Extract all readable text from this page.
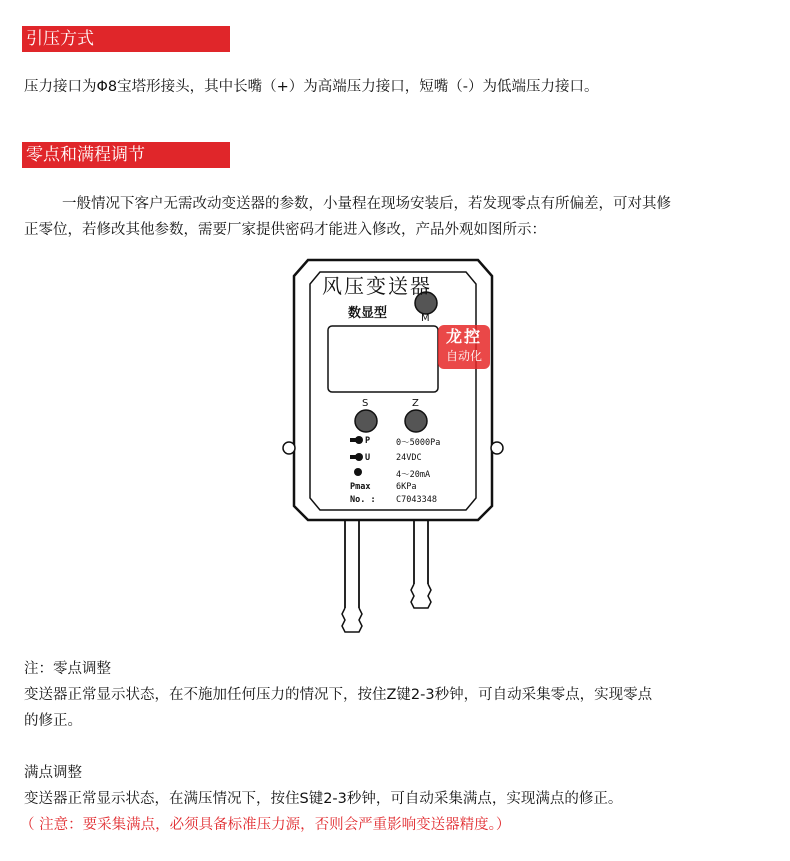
引压方式
压力接口为Φ8宝塔形接头，其中长嘴（+）为高端压力接口，短嘴（-）为低端压力接口。
零点和满程调节
一般情况下客户无需改动变送器的参数，小量程在现场安装后，若发现零点有所偏差，可对其修
正零位，若修改其他参数，需要厂家提供密码才能进入修改，产品外观如图所示：
风压变送器
数显型	M
S	Z
P	0～5000Pa
U	24VDC
4～20mA
Pmax	6KPa
No. : C7043348
龙控
自动化
注：零点调整
变送器正常显示状态，在不施加任何压力的情况下，按住Z键2-3秒钟，可自动采集零点，实现零点
的修正。
满点调整
变送器正常显示状态，在满压情况下，按住S键2-3秒钟，可自动采集满点，实现满点的修正。
（ 注意：要采集满点，必须具备标准压力源，否则会严重影响变送器精度。）
